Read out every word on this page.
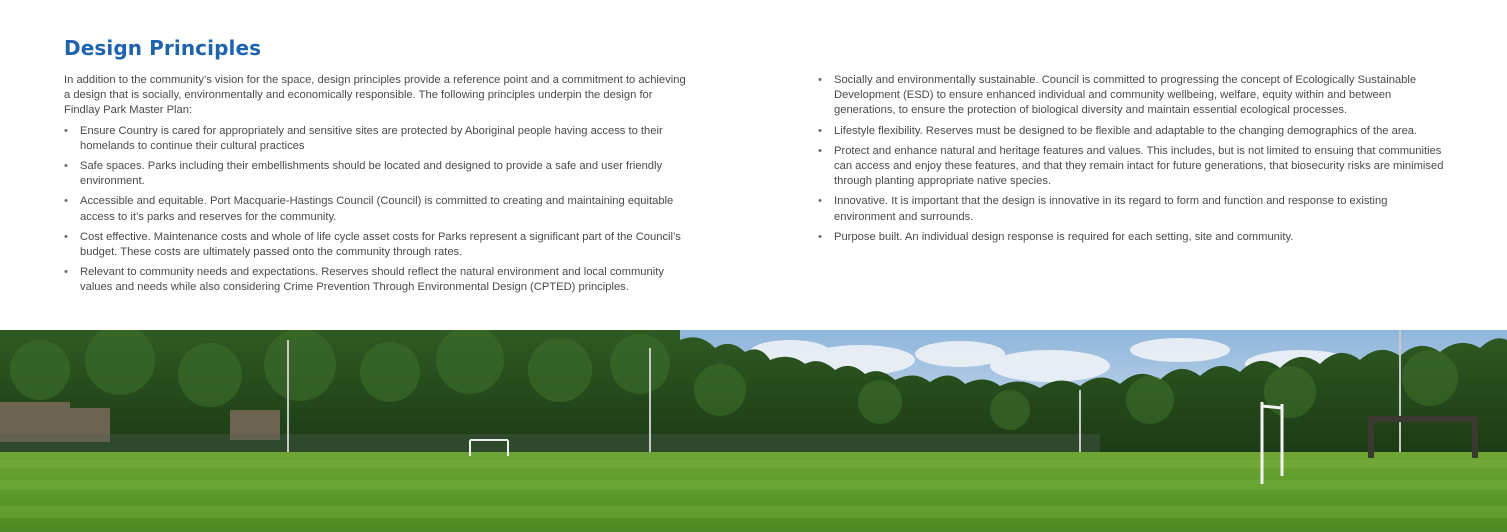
Design Principles

In addition to the community’s vision for the space, design principles provide a reference point and a commitment to achieving a design that is socially, environmentally and economically responsible. The following principles underpin the design for Findlay Park Master Plan:

•	Ensure Country is cared for appropriately and sensitive sites are protected by Aboriginal people having access to their homelands to continue their cultural practices
•	Safe spaces. Parks including their embellishments should be located and designed to provide a safe and user friendly environment.
•	Accessible and equitable. Port Macquarie-Hastings Council (Council) is committed to creating and maintaining equitable access to it’s parks and reserves for the community.
•	Cost effective. Maintenance costs and whole of life cycle asset costs for Parks represent a significant part of the Council’s budget. These costs are ultimately passed onto the community through rates.
•	Relevant to community needs and expectations. Reserves should reflect the natural environment and local community values and needs while also considering Crime Prevention Through Environmental Design (CPTED) principles.
•	Socially and environmentally sustainable. Council is committed to progressing the concept of Ecologically Sustainable Development (ESD) to ensure enhanced individual and community wellbeing, welfare, equity within and between generations, to ensure the protection of biological diversity and maintain essential ecological processes.
•	Lifestyle flexibility. Reserves must be designed to be flexible and adaptable to the changing demographics of the area.
•	Protect and enhance natural and heritage features and values. This includes, but is not limited to ensuing that communities can access and enjoy these features, and that they remain intact for future generations, that biosecurity risks are minimised through planting appropriate native species.
•	Innovative. It is important that the design is innovative in its regard to form and function and response to existing environment and surrounds.
•	Purpose built. An individual design response is required for each setting, site and community.
